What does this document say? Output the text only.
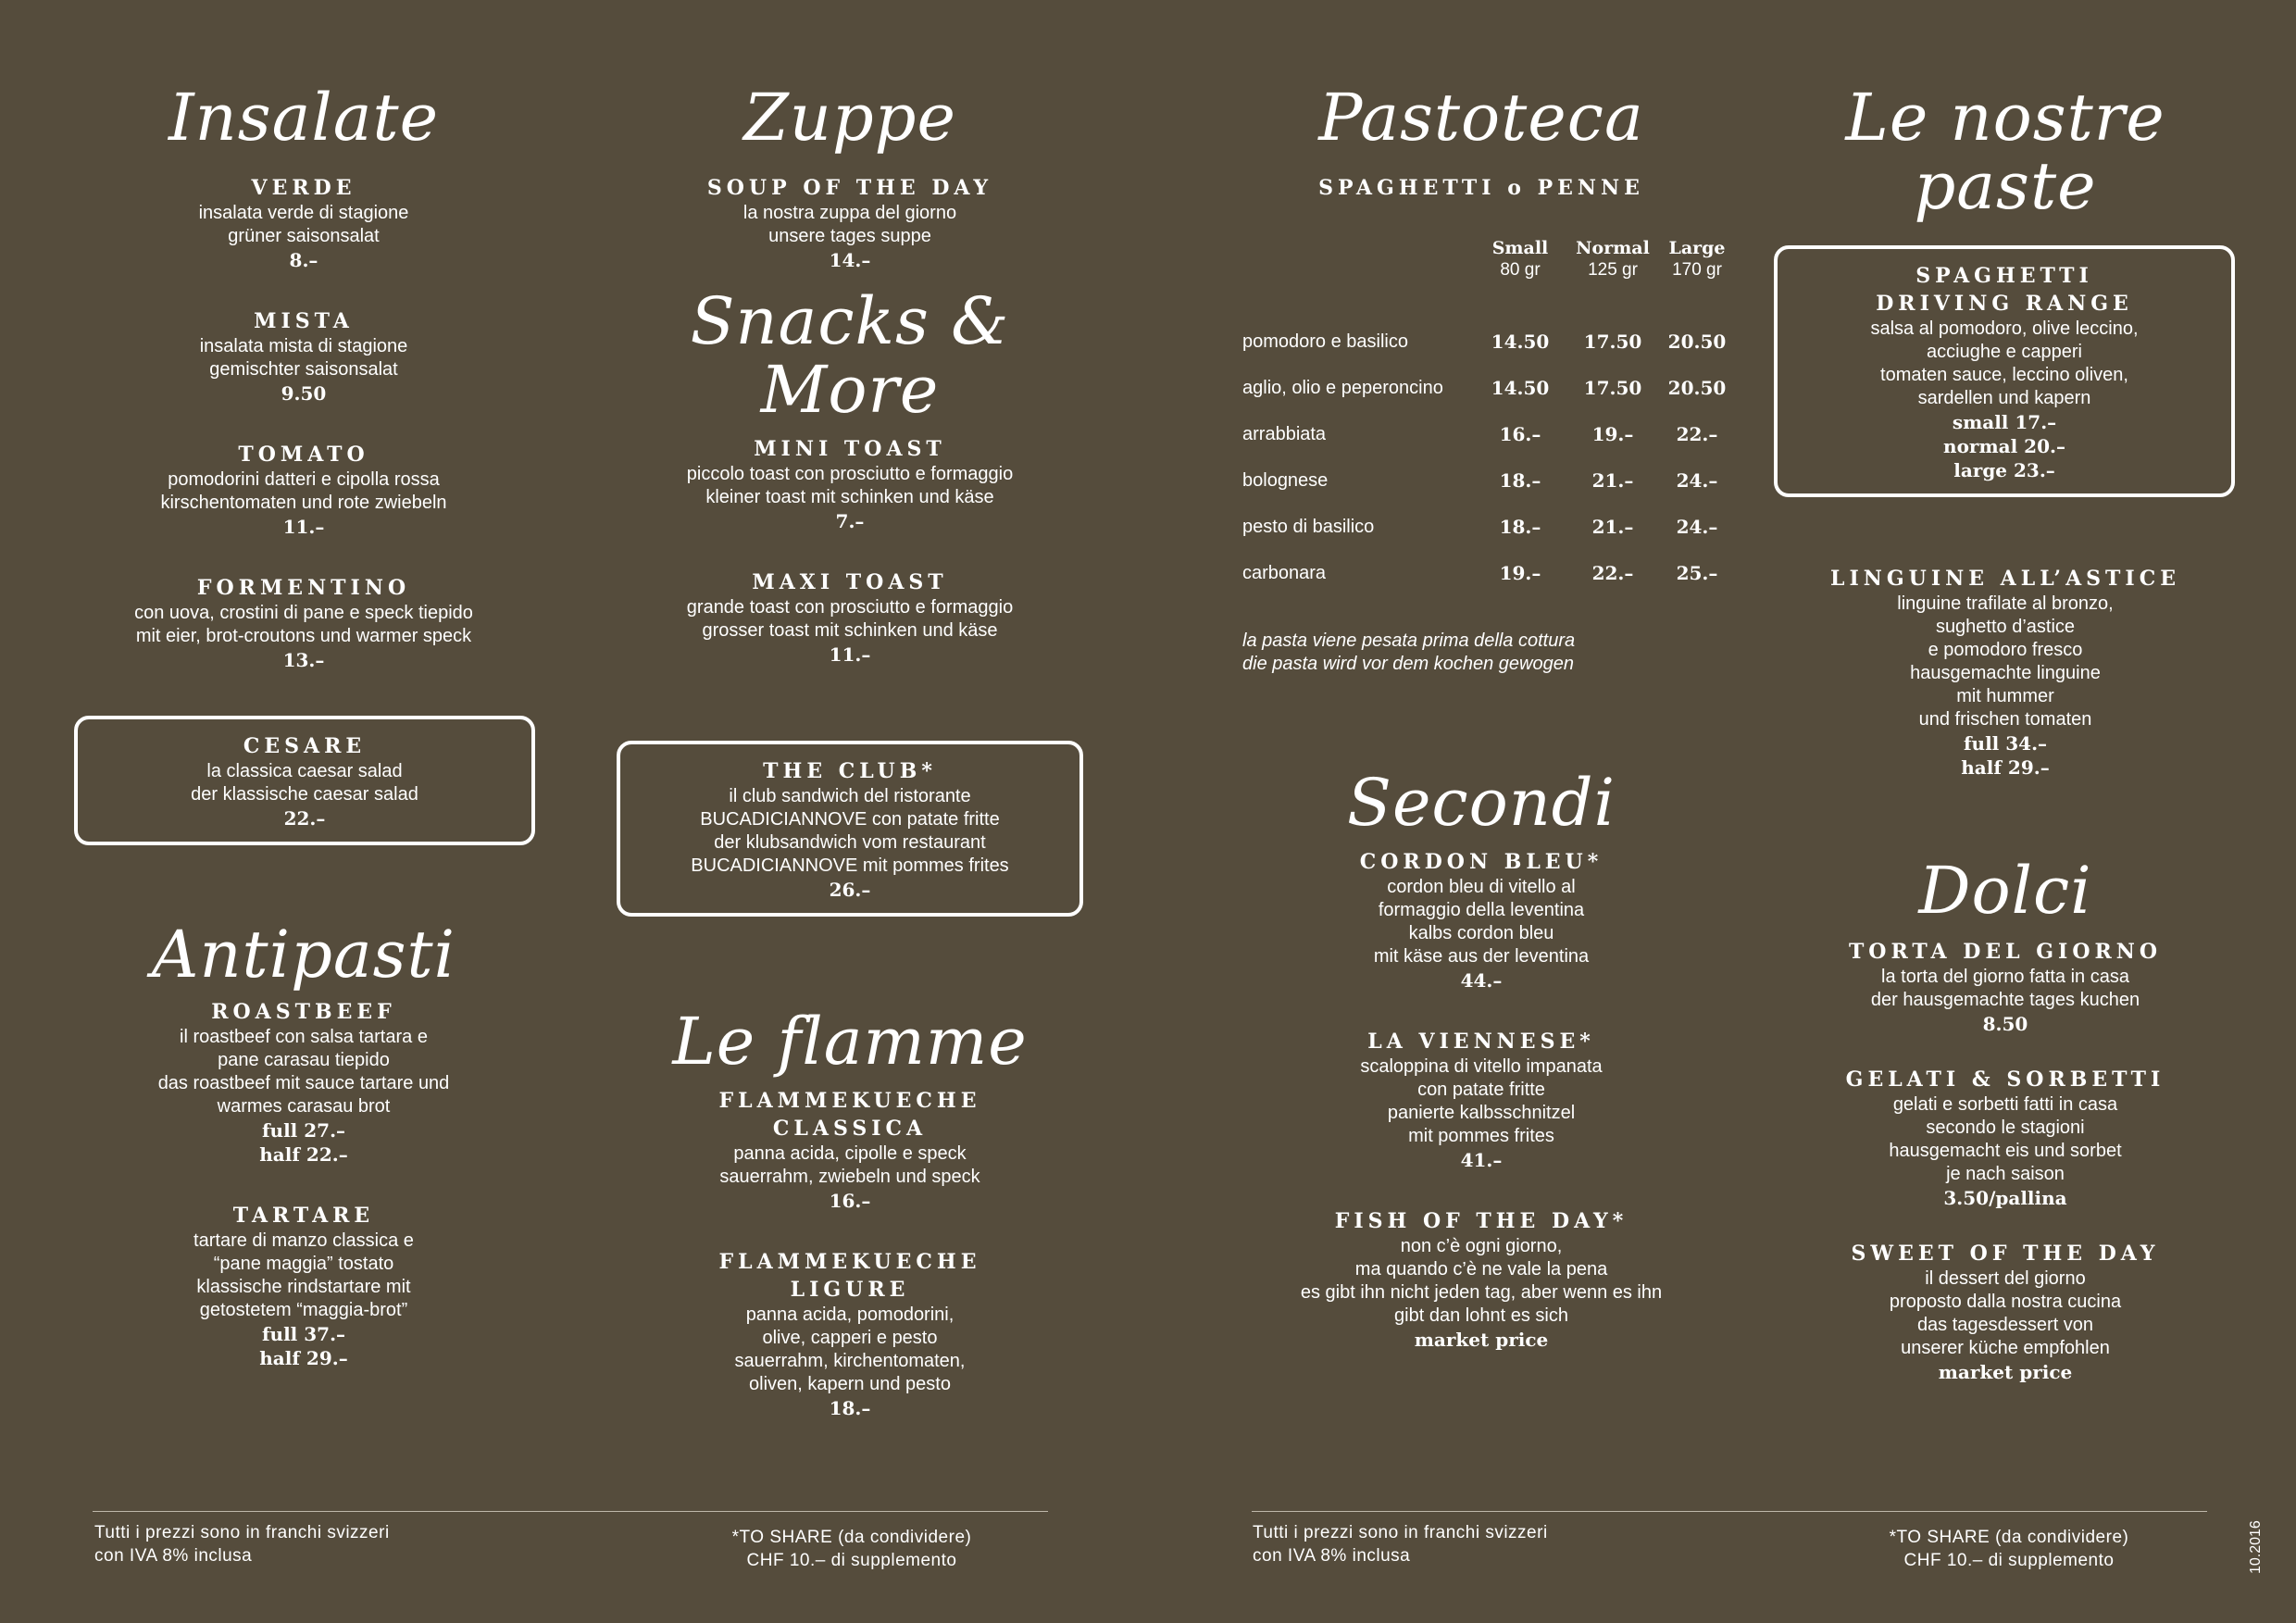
Insalate
VERDE
insalata verde di stagione
grüner saisonsalat
8.–
MISTA
insalata mista di stagione
gemischter saisonsalat
9.50
TOMATO
pomodorini datteri e cipolla rossa
kirschentomaten und rote zwiebeln
11.–
FORMENTINO
con uova, crostini di pane e speck tiepido
mit eier, brot-croutons und warmer speck
13.–
CESARE
la classica caesar salad
der klassische caesar salad
22.–
Antipasti
ROASTBEEF
il roastbeef con salsa tartara e
pane carasau tiepido
das roastbeef mit sauce tartare und
warmes carasau brot
full 27.–
half 22.–
TARTARE
tartare di manzo classica e
“pane maggia” tostato
klassische rindstartare mit
getostetem “maggia-brot”
full 37.–
half 29.–
Zuppe
SOUP OF THE DAY
la nostra zuppa del giorno
unsere tages suppe
14.–
Snacks &
More
MINI TOAST
piccolo toast con prosciutto e formaggio
kleiner toast mit schinken und käse
7.–
MAXI TOAST
grande toast con prosciutto e formaggio
grosser toast mit schinken und käse
11.–
THE CLUB*
il club sandwich del ristorante
BUCADICIANNOVE con patate fritte
der klubsandwich vom restaurant
BUCADICIANNOVE mit pommes frites
26.–
Le flamme
FLAMMEKUECHE
CLASSICA
panna acida, cipolle e speck
sauerrahm, zwiebeln und speck
16.–
FLAMMEKUECHE
LIGURE
panna acida, pomodorini,
olive, capperi e pesto
sauerrahm, kirchentomaten,
oliven, kapern und pesto
18.–
Pastoteca
SPAGHETTI o PENNE
Small
80 gr
Normal
125 gr
Large
170 gr
pomodoro e basilico	14.50	17.50	20.50
aglio, olio e peperoncino	14.50	17.50	20.50
arrabbiata	16.–	19.–	22.–
bolognese	18.–	21.–	24.–
pesto di basilico	18.–	21.–	24.–
carbonara	19.–	22.–	25.–
la pasta viene pesata prima della cottura
die pasta wird vor dem kochen gewogen
Secondi
CORDON BLEU*
cordon bleu di vitello al
formaggio della leventina
kalbs cordon bleu
mit käse aus der leventina
44.–
LA VIENNESE*
scaloppina di vitello impanata
con patate fritte
panierte kalbsschnitzel
mit pommes frites
41.–
FISH OF THE DAY*
non c’è ogni giorno,
ma quando c’è ne vale la pena
es gibt ihn nicht jeden tag, aber wenn es ihn
gibt dan lohnt es sich
market price
Le nostre
paste
SPAGHETTI
DRIVING RANGE
salsa al pomodoro, olive leccino,
acciughe e capperi
tomaten sauce, leccino oliven,
sardellen und kapern
small 17.–
normal 20.–
large 23.–
LINGUINE ALL’ASTICE
linguine trafilate al bronzo,
sughetto d’astice
e pomodoro fresco
hausgemachte linguine
mit hummer
und frischen tomaten
full 34.–
half 29.–
Dolci
TORTA DEL GIORNO
la torta del giorno fatta in casa
der hausgemachte tages kuchen
8.50
GELATI & SORBETTI
gelati e sorbetti fatti in casa
secondo le stagioni
hausgemacht eis und sorbet
je nach saison
3.50/pallina
SWEET OF THE DAY
il dessert del giorno
proposto dalla nostra cucina
das tagesdessert von
unserer küche empfohlen
market price
Tutti i prezzi sono in franchi svizzeri
con IVA 8% inclusa
*TO SHARE (da condividere)
CHF 10.– di supplemento
Tutti i prezzi sono in franchi svizzeri
con IVA 8% inclusa
*TO SHARE (da condividere)
CHF 10.– di supplemento	10.2016
